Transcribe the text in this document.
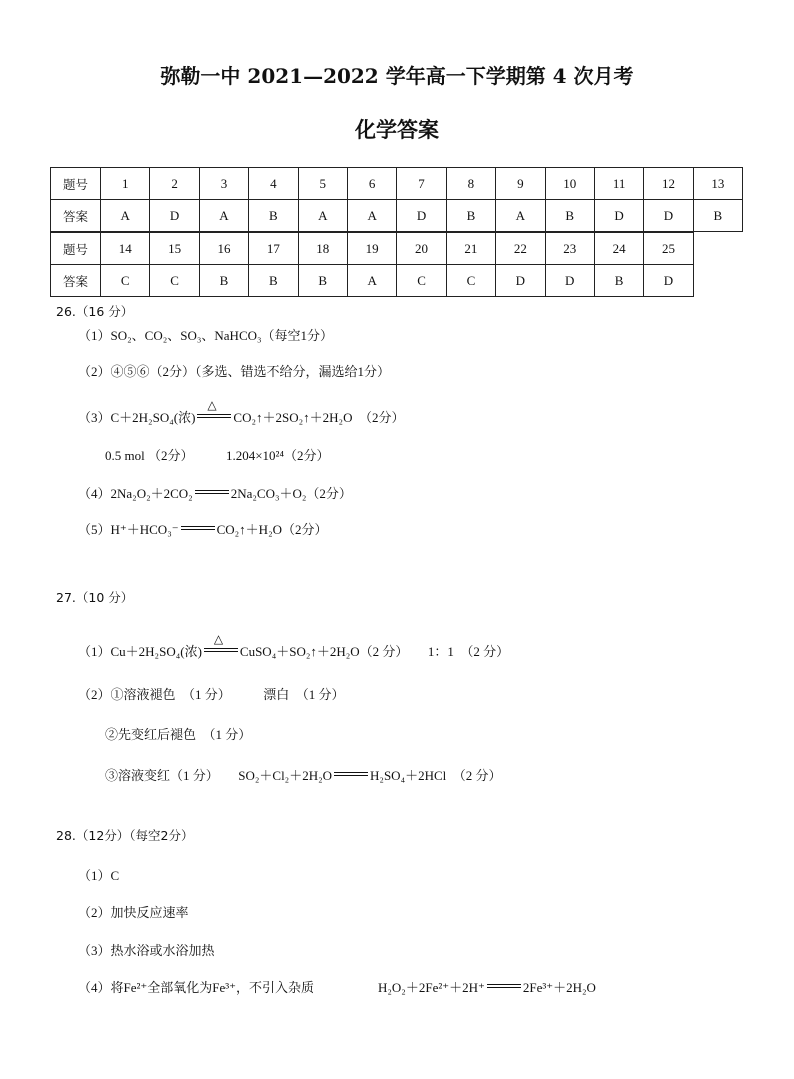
弥勒一中 2021—2022 学年高一下学期第 4 次月考
化学答案
题号	1	2	3	4	5	6	7	8	9	10	11	12	13
答案	A	D	A	B	A	A	D	B	A	B	D	D	B
题号	14	15	16	17	18	19	20	21	22	23	24	25
答案	C	C	B	B	B	A	C	C	D	D	B	D
26.（16 分）
（1）SO₂、CO₂、SO₃、NaHCO₃（每空1分）
（2）④⑤⑥（2分）（多选、错选不给分，漏选给1分）
（3）C＋2H₂SO₄(浓)
△
CO₂↑＋2SO₂↑＋2H₂O　（2分）
0.5 mol （2分）　　　1.204×10²⁴（2分）
（4）2Na₂O₂＋2CO₂	2Na₂CO₃＋O₂（2分）
（5）H⁺＋HCO₃⁻	CO₂↑＋H₂O（2分）
27.（10 分）
（1）Cu＋2H₂SO₄(浓)
△
CuSO₄＋SO₂↑＋2H₂O（2 分）　　1：1　（2 分）
（2）①溶液褪色　（1 分）　　　漂白　（1 分）
②先变红后褪色　（1 分）
③溶液变红（1 分）　　SO₂＋Cl₂＋2H₂O	H₂SO₄＋2HCl　（2 分）
28.（12分）（每空2分）
（1）C
（2）加快反应速率
（3）热水浴或水浴加热
（4）将Fe²⁺全部氧化为Fe³⁺，不引入杂质	H₂O₂＋2Fe²⁺＋2H⁺	2Fe³⁺＋2H₂O
